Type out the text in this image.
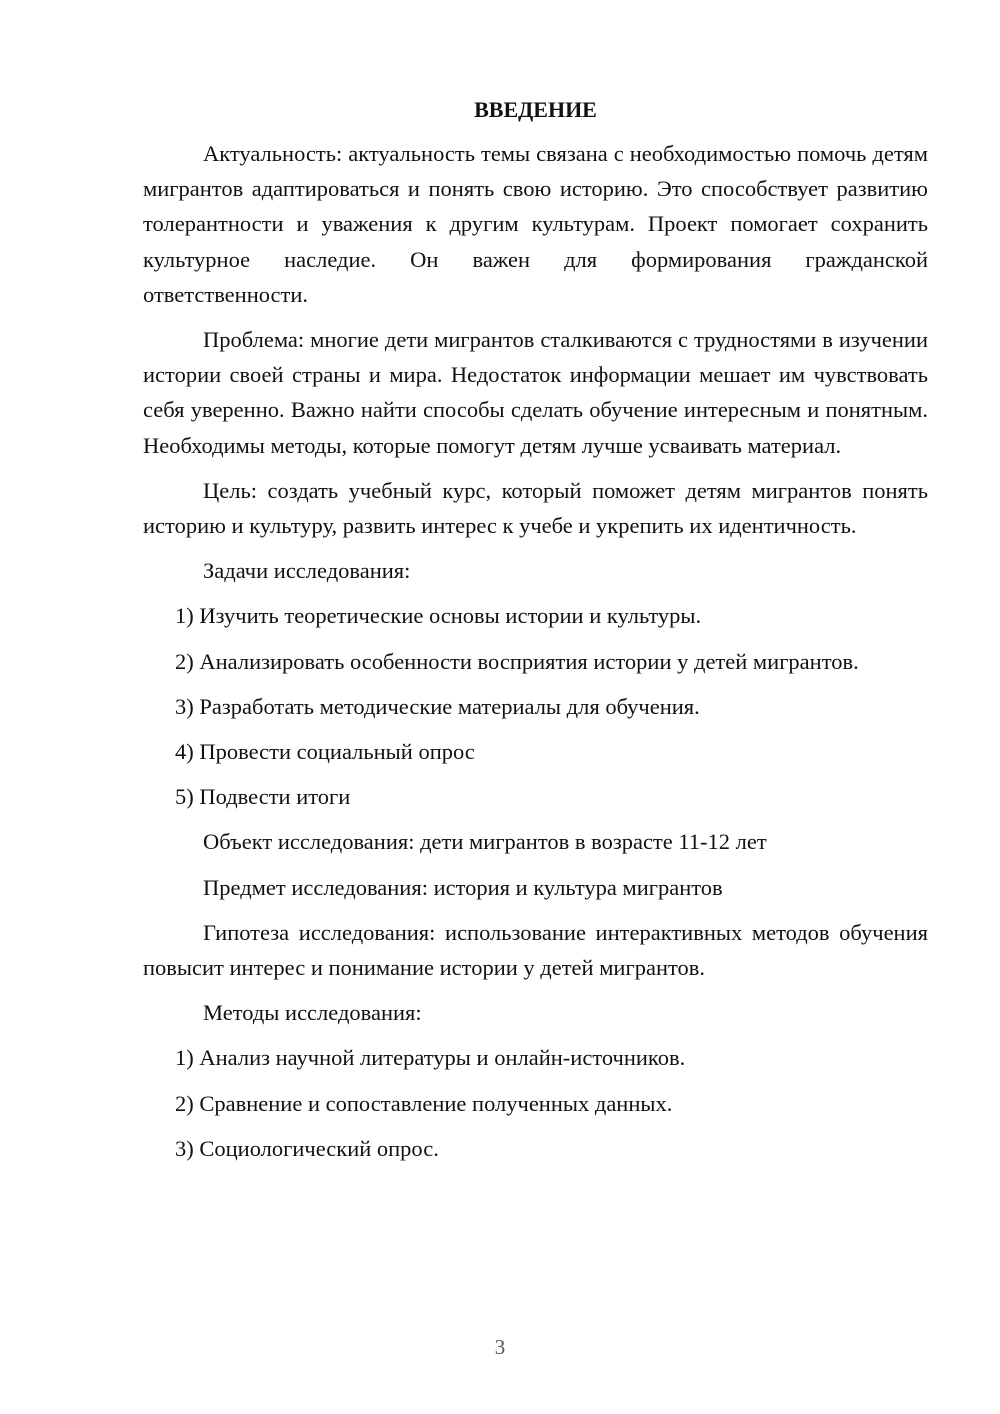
ВВЕДЕНИЕ

Актуальность: актуальность темы связана с необходимостью помочь детям мигрантов адаптироваться и понять свою историю. Это способствует развитию толерантности и уважения к другим культурам. Проект помогает сохранить культурное наследие. Он важен для формирования гражданской ответственности.

Проблема: многие дети мигрантов сталкиваются с трудностями в изучении истории своей страны и мира. Недостаток информации мешает им чувствовать себя уверенно. Важно найти способы сделать обучение интересным и понятным. Необходимы методы, которые помогут детям лучше усваивать материал.

Цель: создать учебный курс, который поможет детям мигрантов понять историю и культуру, развить интерес к учебе и укрепить их идентичность.

Задачи исследования:

1) Изучить теоретические основы истории и культуры.

2) Анализировать особенности восприятия истории у детей мигрантов.

3) Разработать методические материалы для обучения.

4) Провести социальный опрос

5) Подвести итоги

Объект исследования: дети мигрантов в возрасте 11-12 лет

Предмет исследования: история и культура мигрантов

Гипотеза исследования: использование интерактивных методов обучения повысит интерес и понимание истории у детей мигрантов.

Методы исследования:

1) Анализ научной литературы и онлайн-источников.

2) Сравнение и сопоставление полученных данных.

3) Социологический опрос.

3
